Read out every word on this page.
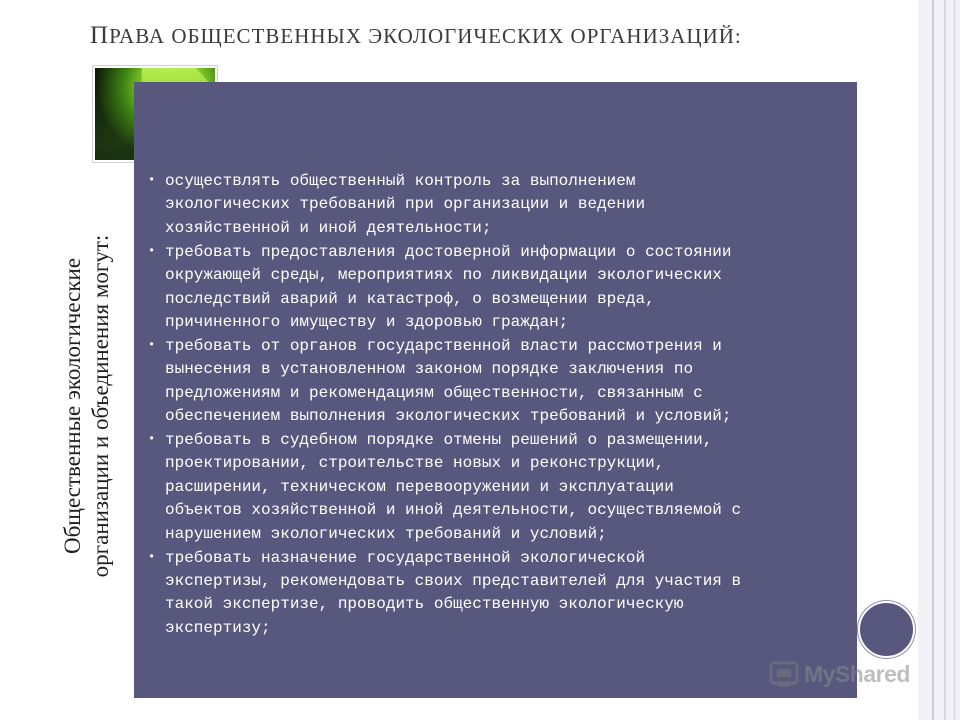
ПРАВА ОБЩЕСТВЕННЫХ ЭКОЛОГИЧЕСКИХ ОРГАНИЗАЦИЙ:
Общественные экологические организации и объединения могут:
• осуществлять общественный контроль за выполнением
экологических требований при организации и ведении
хозяйственной и иной деятельности;
• требовать предоставления достоверной информации о состоянии
окружающей среды, мероприятиях по ликвидации экологических
последствий аварий и катастроф, о возмещении вреда,
причиненного имуществу и здоровью граждан;
• требовать от органов государственной власти рассмотрения и
вынесения в установленном законом порядке заключения по
предложениям и рекомендациям общественности, связанным с
обеспечением выполнения экологических требований и условий;
• требовать в судебном порядке отмены решений о размещении,
проектировании, строительстве новых и реконструкции,
расширении, техническом перевооружении и эксплуатации
объектов хозяйственной и иной деятельности, осуществляемой с
нарушением экологических требований и условий;
• требовать назначение государственной экологической
экспертизы, рекомендовать своих представителей для участия в
такой экспертизе, проводить общественную экологическую
экспертизу;
MyShared
